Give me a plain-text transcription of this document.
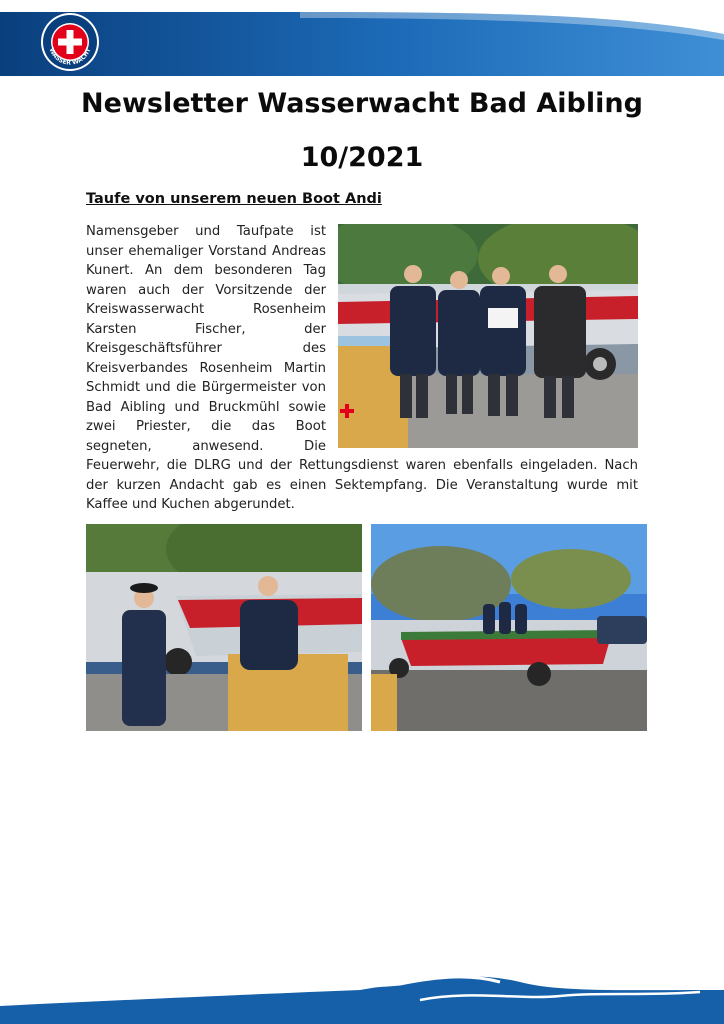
WASSER WACHT
Newsletter Wasserwacht Bad Aibling
10/2021
Taufe von unserem neuen Boot Andi
Namensgeber und Taufpate ist unser ehemaliger Vorstand Andreas Kunert. An dem besonderen Tag waren auch der Vorsitzende der Kreiswasserwacht Rosenheim Karsten Fischer, der Kreisgeschäftsführer des Kreisverbandes Rosenheim Martin Schmidt und die Bürgermeister von Bad Aibling und Bruckmühl sowie zwei Priester, die das Boot segneten, anwesend. Die Feuerwehr, die DLRG und der Rettungsdienst waren ebenfalls eingeladen. Nach der kurzen Andacht gab es einen Sektempfang. Die Veranstaltung wurde mit Kaffee und Kuchen abgerundet.
